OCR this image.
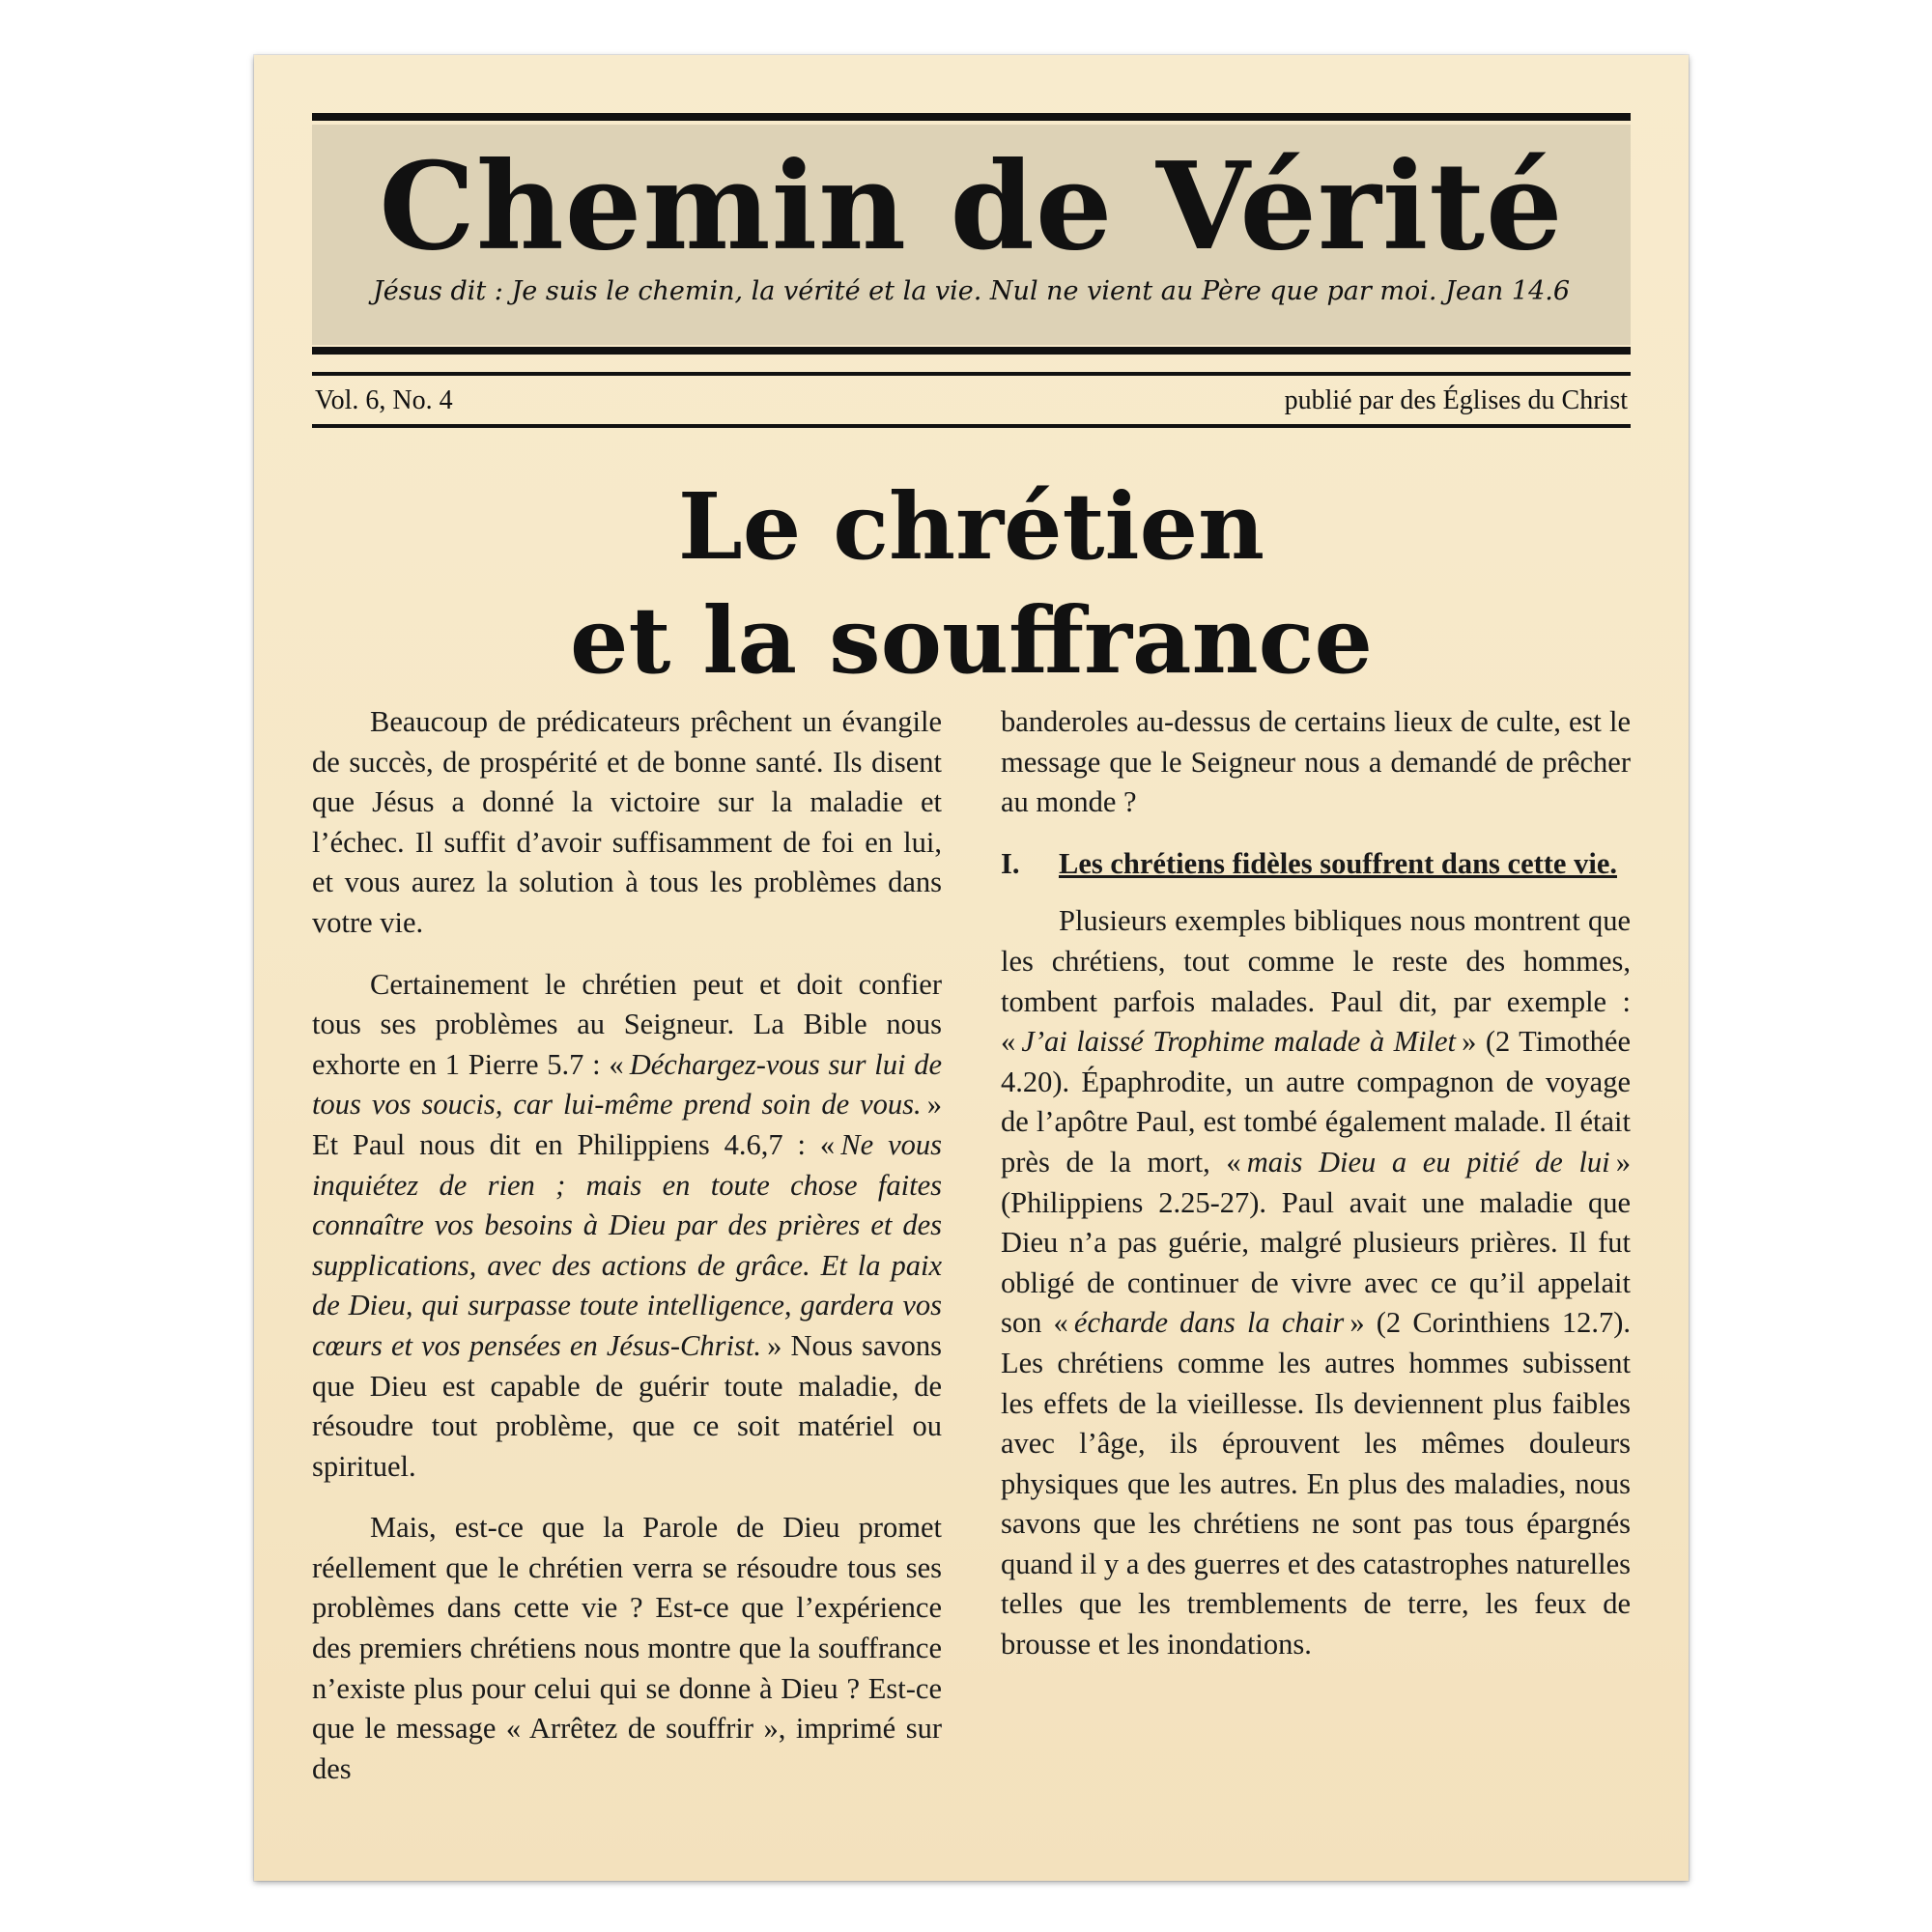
Chemin de Vérité
Jésus dit : Je suis le chemin, la vérité et la vie. Nul ne vient au Père que par moi. Jean 14.6
Vol. 6, No. 4	publié par des Églises du Christ
Le chrétien
et la souffrance

Beaucoup de prédicateurs prêchent un évangile de succès, de prospérité et de bonne santé. Ils disent que Jésus a donné la victoire sur la maladie et l’échec. Il suffit d’avoir suffisamment de foi en lui, et vous aurez la solution à tous les problèmes dans votre vie.

Certainement le chrétien peut et doit confier tous ses problèmes au Seigneur. La Bible nous exhorte en 1 Pierre 5.7 : «  Déchargez-vous sur lui de tous vos soucis, car lui-même prend soin de vous.  » Et Paul nous dit en Philippiens 4.6,7 : «  Ne vous inquiétez de rien ; mais en toute chose faites connaître vos besoins à Dieu par des prières et des supplications, avec des actions de grâce. Et la paix de Dieu, qui surpasse toute intelligence, gardera vos cœurs et vos pensées en Jésus-Christ.  » Nous savons que Dieu est capable de guérir toute maladie, de résoudre tout problème, que ce soit matériel ou spirituel.

Mais, est-ce que la Parole de Dieu promet réellement que le chrétien verra se résoudre tous ses problèmes dans cette vie ? Est-ce que l’expérience des premiers chrétiens nous montre que la souffrance n’existe plus pour celui qui se donne à Dieu ? Est-ce que le message « Arrêtez de souffrir », imprimé sur des

banderoles au-dessus de certains lieux de culte, est le message que le Seigneur nous a demandé de prêcher au monde ?

I.	Les chrétiens fidèles souffrent dans cette vie.

Plusieurs exemples bibliques nous montrent que les chrétiens, tout comme le reste des hommes, tombent parfois malades. Paul dit, par exemple : «  J’ai laissé Trophime malade à Milet  » (2 Timothée 4.20). Épaphrodite, un autre compagnon de voyage de l’apôtre Paul, est tombé également malade. Il était près de la mort, «  mais Dieu a eu pitié de lui  » (Philippiens 2.25-27). Paul avait une maladie que Dieu n’a pas guérie, malgré plusieurs prières. Il fut obligé de continuer de vivre avec ce qu’il appelait son «  écharde dans la chair  » (2 Corinthiens 12.7). Les chrétiens comme les autres hommes subissent les effets de la vieillesse. Ils deviennent plus faibles avec l’âge, ils éprouvent les mêmes douleurs physiques que les autres. En plus des maladies, nous savons que les chrétiens ne sont pas tous épargnés quand il y a des guerres et des catastrophes naturelles telles que les tremblements de terre, les feux de brousse et les inondations.
